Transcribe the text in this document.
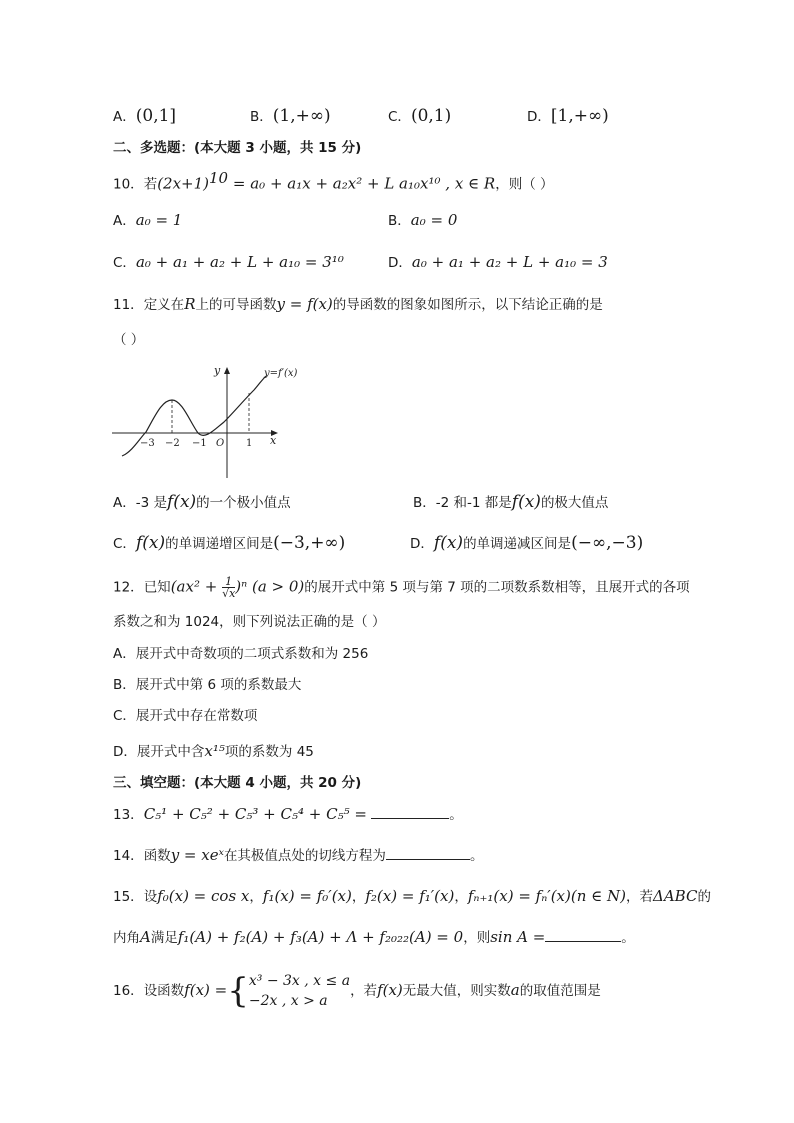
A．(0,1]	B．(1,+∞)	C．(0,1)	D．[1,+∞)
二、多选题：(本大题 3 小题，共 15 分)
10．若$(2x+1)^{10} = a_0 + a_1x + a_2x^2 + L$ a₁₀x¹⁰ , x ∈ R，则（ ）
A．a₀ = 1	B．a₀ = 0
C．a₀ + a₁ + a₂ + L + a₁₀ = 3¹⁰	D．a₀ + a₁ + a₂ + L + a₁₀ = 3
11．定义在R上的可导函数y = f(x)的导函数的图象如图所示，以下结论正确的是
（ ）
y
x
y=f′(x)
O
−3 −2 −1	1
A．-3 是f(x)的一个极小值点	B．-2 和-1 都是f(x)的极大值点
C．f(x)的单调递增区间是(−3,+∞)	D．f(x)的单调递减区间是(−∞,−3)
12．已知$(ax^2 + \frac{1}{√x} )^n$ (a > 0)的展开式中第 5 项与第 7 项的二项数系数相等，且展开式的各项
系数之和为 1024，则下列说法正确的是（ ）
A．展开式中奇数项的二项式系数和为 256
B．展开式中第 6 项的系数最大
C．展开式中存在常数项
D．展开式中含x¹⁵项的系数为 45
三、填空题：(本大题 4 小题，共 20 分)
13．C₅¹ + C₅² + C₅³ + C₅⁴ + C₅⁵ =	。
14．函数y = xeˣ在其极值点处的切线方程为	。
15．设f₀(x) = cos x，f₁(x) = f₀′(x)，f₂(x) = f₁′(x)，fₙ₊₁(x) = fₙ′(x)(n ∈ N)，若ΔABC的
内角A满足f₁(A) + f₂(A) + f₃(A) + Λ + f₂₀₂₂(A) = 0，则sin A =	。
16．设函数f(x) ={ x³ − 3x , x ≤ a
−2x , x > a
，若f(x)无最大值，则实数a的取值范围是
